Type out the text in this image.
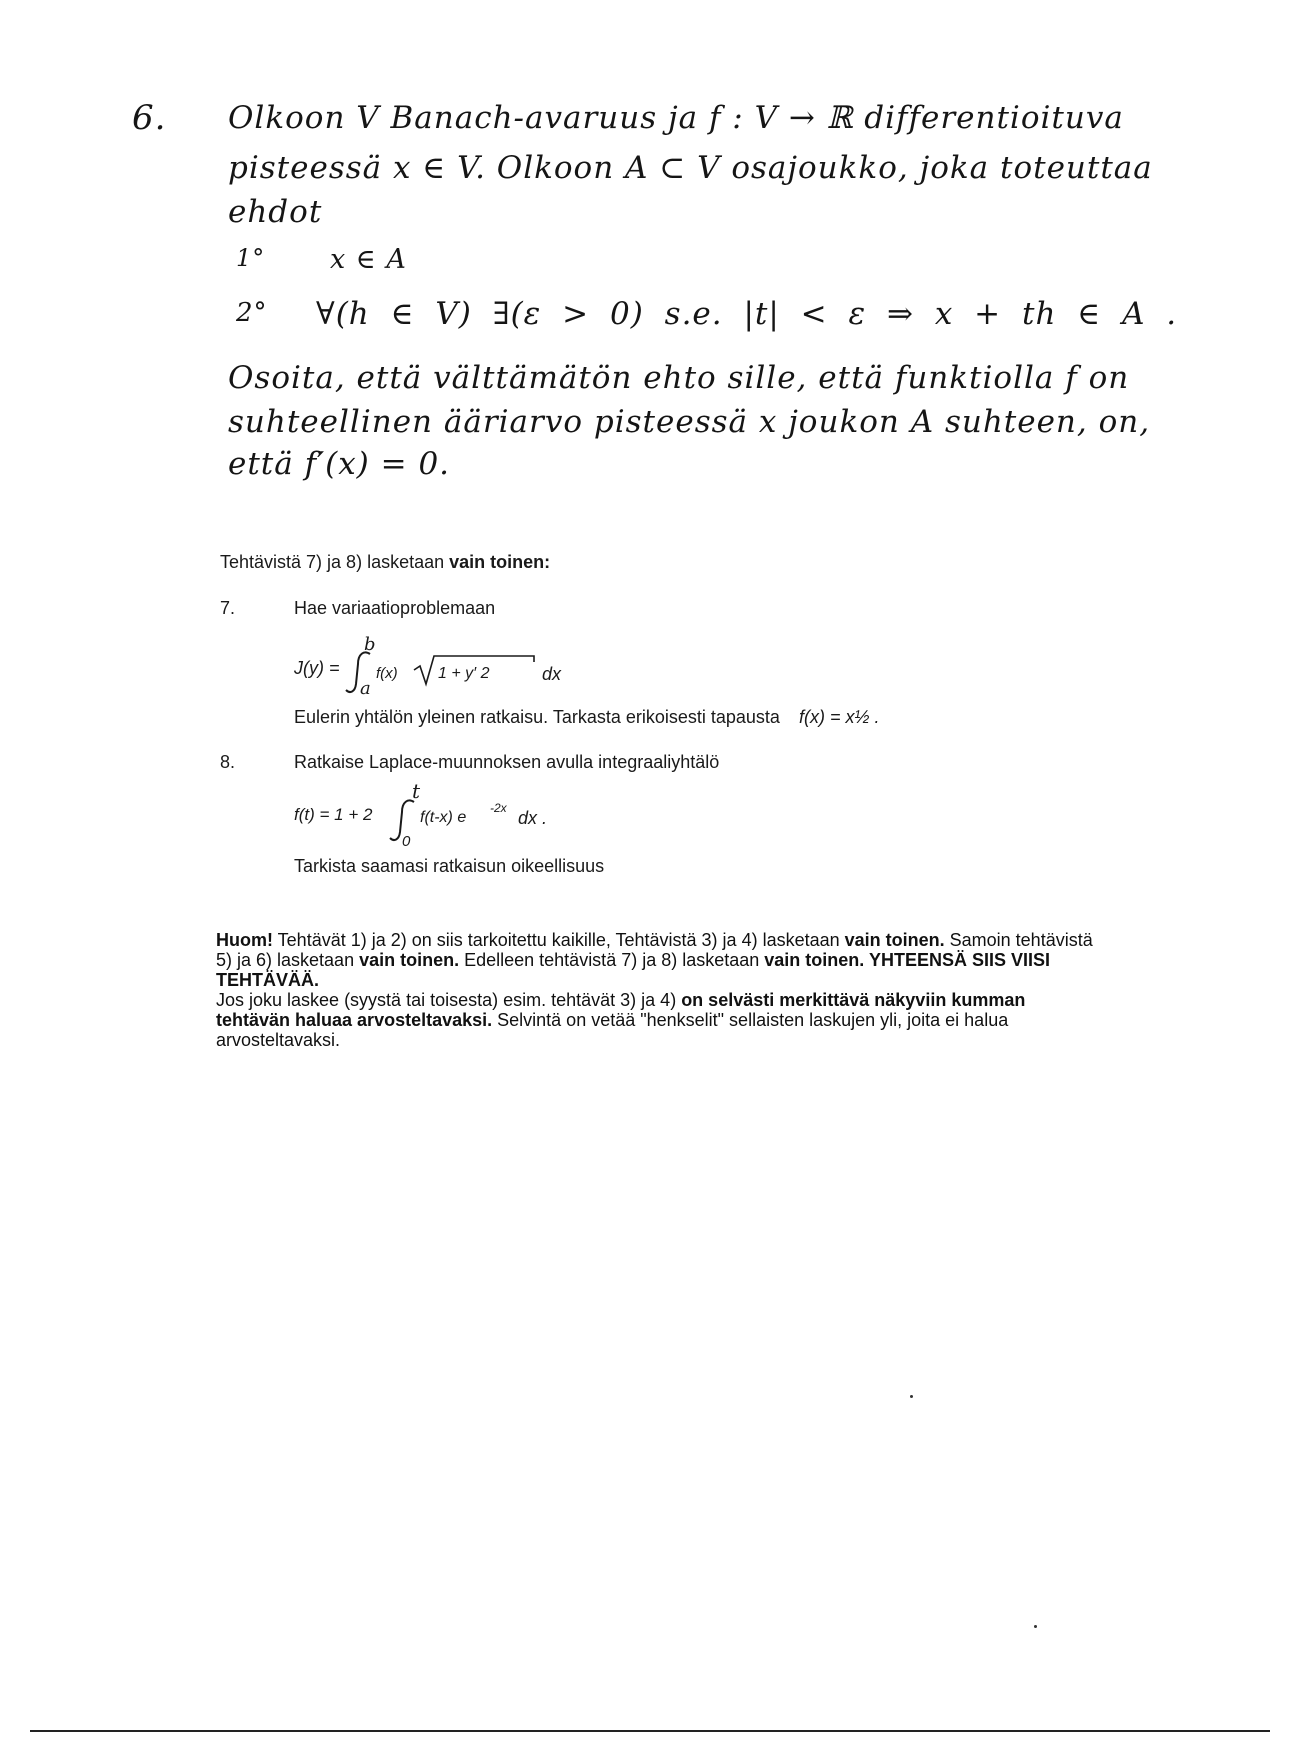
6. Olkoon V Banach-avaruus ja f : V → ℝ differentioituva
pisteessä x ∈ V. Olkoon A ⊂ V osajoukko, joka toteuttaa
ehdot
1° x ∈ A
2° ∀(h ∈ V) ∃(ε > 0) s.e. |t| < ε ⇒ x + th ∈ A .
Osoita, että välttämätön ehto sille, että funktiolla f on
suhteellinen ääriarvo pisteessä x joukon A suhteen, on,
että f′(x) = 0.
Tehtävistä 7) ja 8) lasketaan vain toinen:
7.	Hae variaatioproblemaan
J(y) =
b
a
f(x)	1 + y′ 2	dx
Eulerin yhtälön yleinen ratkaisu. Tarkasta erikoisesti tapausta f(x) = x½ .
8.	Ratkaise Laplace-muunnoksen avulla integraaliyhtälö
f(t) = 1 + 2
t
0
f(t-x) e
-2x dx .
Tarkista saamasi ratkaisun oikeellisuus
Huom! Tehtävät 1) ja 2) on siis tarkoitettu kaikille, Tehtävistä 3) ja 4) lasketaan vain toinen. Samoin tehtävistä 5) ja 6) lasketaan vain toinen. Edelleen tehtävistä 7) ja 8) lasketaan vain toinen. YHTEENSÄ SIIS VIISI TEHTÄVÄÄ.
Jos joku laskee (syystä tai toisesta) esim. tehtävät 3) ja 4) on selvästi merkittävä näkyviin kumman tehtävän haluaa arvosteltavaksi. Selvintä on vetää "henkselit" sellaisten laskujen yli, joita ei halua arvosteltavaksi.
